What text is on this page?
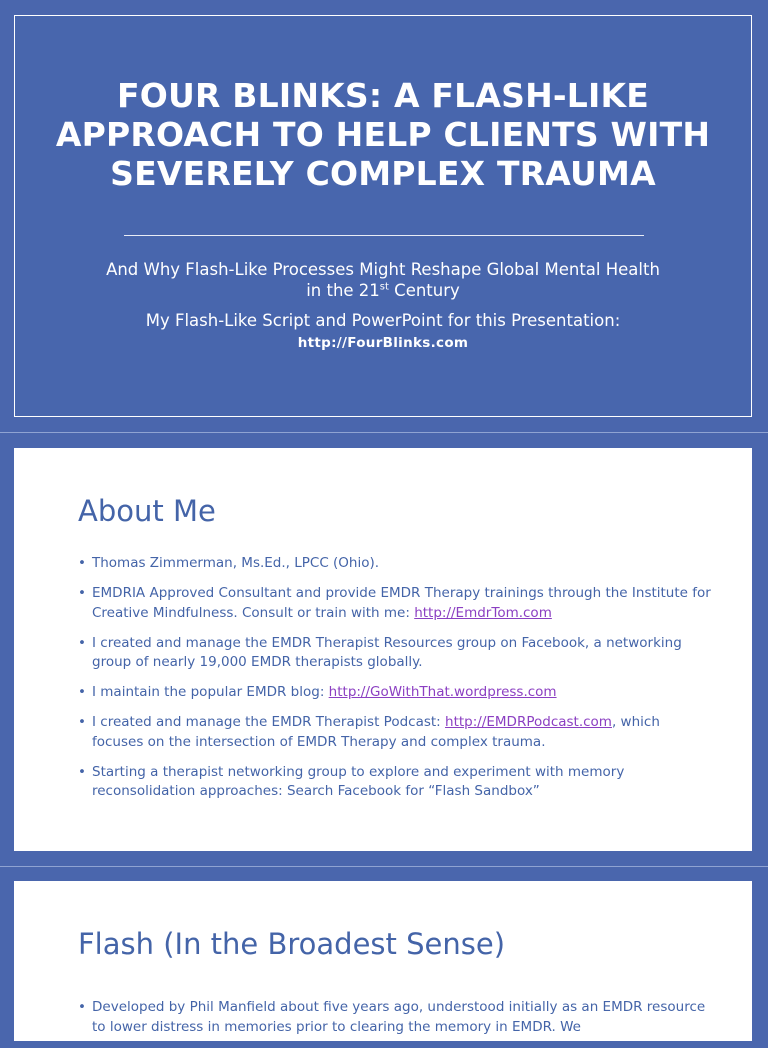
FOUR BLINKS: A FLASH-LIKE APPROACH TO HELP CLIENTS WITH SEVERELY COMPLEX TRAUMA
And Why Flash-Like Processes Might Reshape Global Mental Health in the 21st Century
My Flash-Like Script and PowerPoint for this Presentation:
http://FourBlinks.com
About Me
• Thomas Zimmerman, Ms.Ed., LPCC (Ohio).
• EMDRIA Approved Consultant and provide EMDR Therapy trainings through the Institute for Creative Mindfulness. Consult or train with me: http://EmdrTom.com
• I created and manage the EMDR Therapist Resources group on Facebook, a networking group of nearly 19,000 EMDR therapists globally.
• I maintain the popular EMDR blog: http://GoWithThat.wordpress.com
• I created and manage the EMDR Therapist Podcast: http://EMDRPodcast.com, which focuses on the intersection of EMDR Therapy and complex trauma.
• Starting a therapist networking group to explore and experiment with memory reconsolidation approaches: Search Facebook for “Flash Sandbox”
Flash (In the Broadest Sense)
• Developed by Phil Manfield about five years ago, understood initially as an EMDR resource to lower distress in memories prior to clearing the memory in EMDR. We
